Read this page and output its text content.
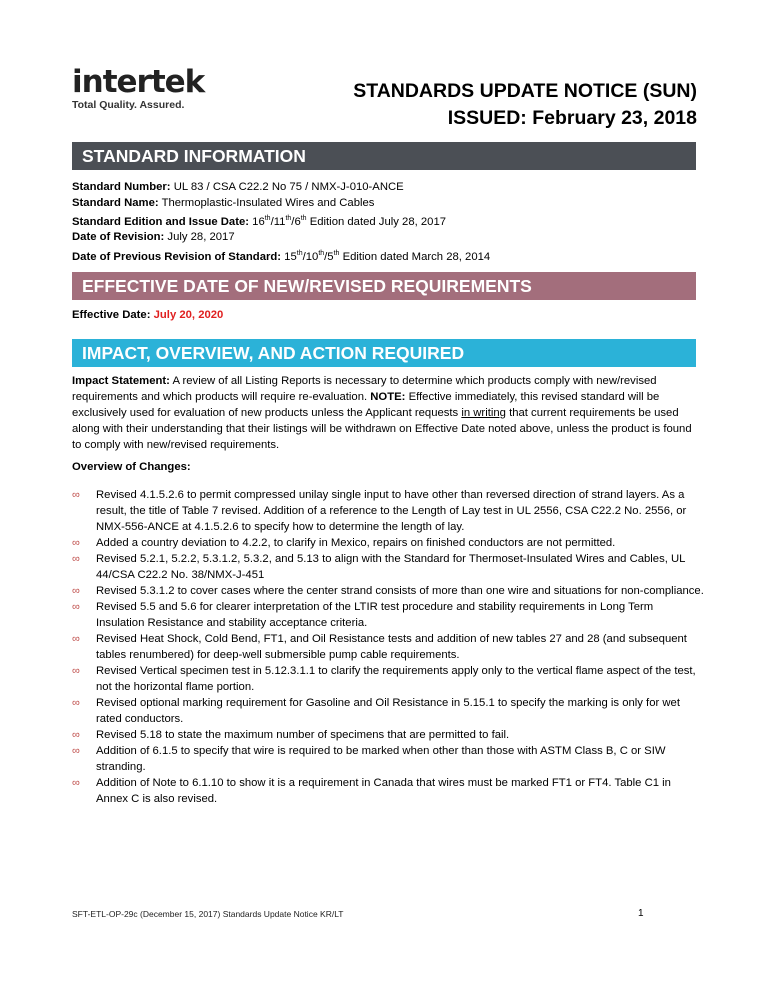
intertek
Total Quality. Assured.
STANDARDS UPDATE NOTICE (SUN)
ISSUED: February 23, 2018
STANDARD INFORMATION
Standard Number: UL 83 / CSA C22.2 No 75 / NMX-J-010-ANCE
Standard Name: Thermoplastic-Insulated Wires and Cables
Standard Edition and Issue Date: 16th/11th/6th Edition dated July 28, 2017
Date of Revision: July 28, 2017
Date of Previous Revision of Standard: 15th/10th/5th Edition dated March 28, 2014
EFFECTIVE DATE OF NEW/REVISED REQUIREMENTS
Effective Date: July 20, 2020
IMPACT, OVERVIEW, AND ACTION REQUIRED
Impact Statement: A review of all Listing Reports is necessary to determine which products comply with new/revised requirements and which products will require re-evaluation. NOTE: Effective immediately, this revised standard will be exclusively used for evaluation of new products unless the Applicant requests in writing that current requirements be used along with their understanding that their listings will be withdrawn on Effective Date noted above, unless the product is found to comply with new/revised requirements.
Overview of Changes:
∞ Revised 4.1.5.2.6 to permit compressed unilay single input to have other than reversed direction of strand layers. As a result, the title of Table 7 revised. Addition of a reference to the Length of Lay test in UL 2556, CSA C22.2 No. 2556, or NMX-556-ANCE at 4.1.5.2.6 to specify how to determine the length of lay.
∞ Added a country deviation to 4.2.2, to clarify in Mexico, repairs on finished conductors are not permitted.
∞ Revised 5.2.1, 5.2.2, 5.3.1.2, 5.3.2, and 5.13 to align with the Standard for Thermoset-Insulated Wires and Cables, UL 44/CSA C22.2 No. 38/NMX-J-451
∞ Revised 5.3.1.2 to cover cases where the center strand consists of more than one wire and situations for non-compliance.
∞ Revised 5.5 and 5.6 for clearer interpretation of the LTIR test procedure and stability requirements in Long Term Insulation Resistance and stability acceptance criteria.
∞ Revised Heat Shock, Cold Bend, FT1, and Oil Resistance tests and addition of new tables 27 and 28 (and subsequent tables renumbered) for deep-well submersible pump cable requirements.
∞ Revised Vertical specimen test in 5.12.3.1.1 to clarify the requirements apply only to the vertical flame aspect of the test, not the horizontal flame portion.
∞ Revised optional marking requirement for Gasoline and Oil Resistance in 5.15.1 to specify the marking is only for wet rated conductors.
∞ Revised 5.18 to state the maximum number of specimens that are permitted to fail.
∞ Addition of 6.1.5 to specify that wire is required to be marked when other than those with ASTM Class B, C or SIW stranding.
∞ Addition of Note to 6.1.10 to show it is a requirement in Canada that wires must be marked FT1 or FT4. Table C1 in Annex C is also revised.
SFT-ETL-OP-29c (December 15, 2017) Standards Update Notice KR/LT	1
